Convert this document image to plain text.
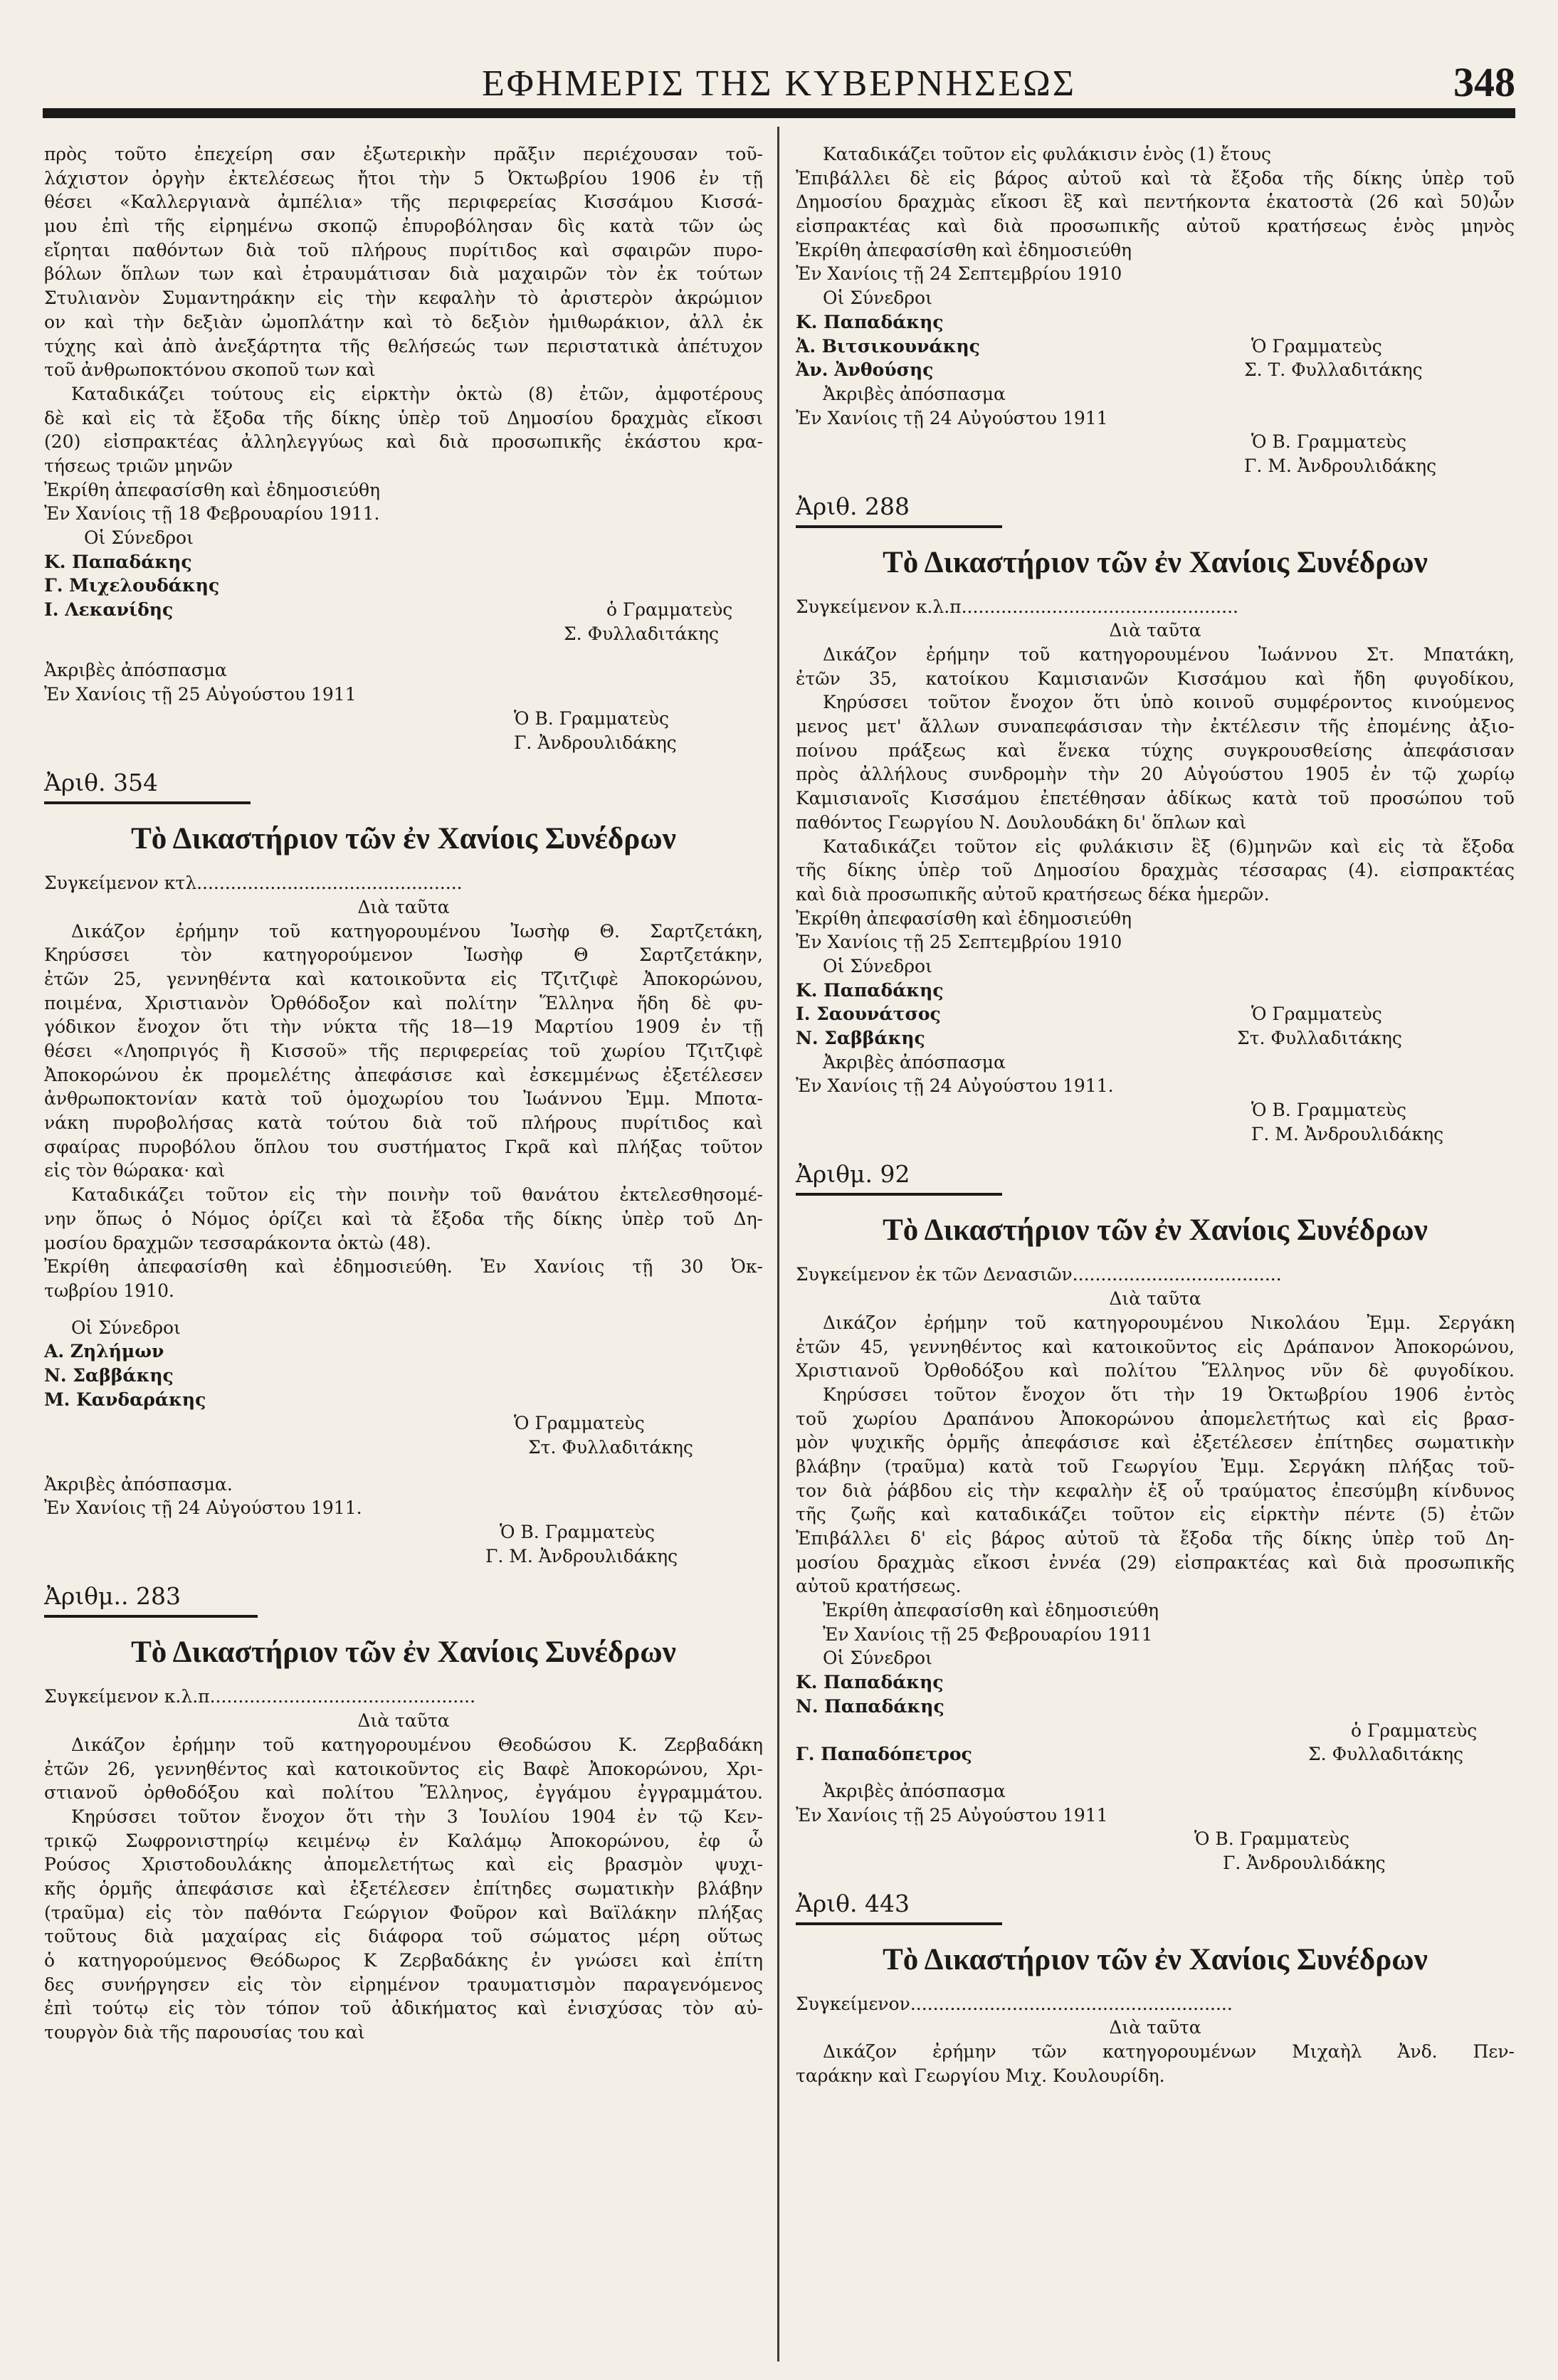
ΕΦΗΜΕΡΙΣ ΤΗΣ ΚΥΒΕΡΝΗΣΕΩΣ	348

πρὸς τοῦτο ἐπεχείρη σαν ἐξωτερικὴν πρᾶξιν περιέχουσαν τοῦ-

λάχιστον ὀργὴν ἐκτελέσεως ἤτοι τὴν 5 Ὀκτωβρίου 1906 ἐν τῇ

θέσει «Καλλεργιανὰ ἀμπέλια» τῆς περιφερείας Κισσάμου Κισσά-

μου ἐπὶ τῆς εἰρημένω σκοπῷ ἐπυροβόλησαν δὶς κατὰ τῶν ὡς

εἴρηται παθόντων διὰ τοῦ πλήρους πυρίτιδος καὶ σφαιρῶν πυρο-

βόλων ὅπλων των καὶ ἐτραυμάτισαν διὰ μαχαιρῶν τὸν ἐκ τούτων

Στυλιανὸν Συμαντηράκην εἰς τὴν κεφαλὴν τὸ ἀριστερὸν ἀκρώμιον

ον καὶ τὴν δεξιὰν ὠμοπλάτην καὶ τὸ δεξιὸν ἡμιθωράκιον, ἀλλ ἐκ

τύχης καὶ ἀπὸ ἀνεξάρτητα τῆς θελήσεώς των περιστατικὰ ἀπέτυχον

τοῦ ἀνθρωποκτόνου σκοποῦ των καὶ

Καταδικάζει τούτους εἰς εἱρκτὴν ὀκτὼ (8) ἐτῶν, ἀμφοτέρους

δὲ καὶ εἰς τὰ ἔξοδα τῆς δίκης ὑπὲρ τοῦ Δημοσίου δραχμὰς εἴκοσι

(20) εἰσπρακτέας ἀλληλεγγύως καὶ διὰ προσωπικῆς ἑκάστου κρα-

τήσεως τριῶν μηνῶν

Ἐκρίθη ἀπεφασίσθη καὶ ἐδημοσιεύθη

Ἐν Χανίοις τῇ 18 Φεβρουαρίου 1911.

Οἱ Σύνεδροι

Κ. Παπαδάκης

Γ. Μιχελουδάκης

Ι. Λεκανίδης	ὁ Γραμματεὺς
Σ. Φυλλαδιτάκης

Ἀκριβὲς ἀπόσπασμα

Ἐν Χανίοις τῇ 25 Αὐγούστου 1911

Ὁ Β. Γραμματεὺς
Γ. Ἀνδρουλιδάκης

Ἀριθ. 354

Τὸ Δικαστήριον τῶν ἐν Χανίοις Συνέδρων

Συγκείμενον κτλ...............................................

Διὰ ταῦτα

Δικάζον ἐρήμην τοῦ κατηγορουμένου Ἰωσὴφ Θ. Σαρτζετάκη,

Κηρύσσει τὸν κατηγορούμενον Ἰωσὴφ Θ Σαρτζετάκην,

ἐτῶν 25, γεννηθέντα καὶ κατοικοῦντα εἰς Τζιτζιφὲ Ἀποκορώνου,

ποιμένα, Χριστιανὸν Ὀρθόδοξον καὶ πολίτην Ἕλληνα ἤδη δὲ φυ-

γόδικον ἔνοχον ὅτι τὴν νύκτα τῆς 18—19 Μαρτίου 1909 ἐν τῇ

θέσει «Ληοπριγός ἢ Κισσοῦ» τῆς περιφερείας τοῦ χωρίου Τζιτζιφὲ

Ἀποκορώνου ἐκ προμελέτης ἀπεφάσισε καὶ ἐσκεμμένως ἐξετέλεσεν

ἀνθρωποκτονίαν κατὰ τοῦ ὁμοχωρίου του Ἰωάννου Ἐμμ. Μποτα-

νάκη πυροβολήσας κατὰ τούτου διὰ τοῦ πλήρους πυρίτιδος καὶ

σφαίρας πυροβόλου ὅπλου του συστήματος Γκρᾶ καὶ πλήξας τοῦτον

εἰς τὸν θώρακα· καὶ

Καταδικάζει τοῦτον εἰς τὴν ποινὴν τοῦ θανάτου ἐκτελεσθησομέ-

νην ὅπως ὁ Νόμος ὁρίζει καὶ τὰ ἔξοδα τῆς δίκης ὑπὲρ τοῦ Δη-

μοσίου δραχμῶν τεσσαράκοντα ὀκτὼ (48).

Ἐκρίθη ἀπεφασίσθη καὶ ἐδημοσιεύθη. Ἐν Χανίοις τῇ 30 Ὀκ-

τωβρίου 1910.

Οἱ Σύνεδροι

Α. Ζηλήμων

Ν. Σαββάκης

Μ. Κανδαράκης
Ὁ Γραμματεὺς
Στ. Φυλλαδιτάκης

Ἀκριβὲς ἀπόσπασμα.

Ἐν Χανίοις τῇ 24 Αὐγούστου 1911.

Ὁ Β. Γραμματεὺς
Γ. Μ. Ἀνδρουλιδάκης

Ἀριθμ.. 283

Τὸ Δικαστήριον τῶν ἐν Χανίοις Συνέδρων

Συγκείμενον κ.λ.π...............................................

Διὰ ταῦτα

Δικάζον ἐρήμην τοῦ κατηγορουμένου Θεοδώσου Κ. Ζερβαδάκη

ἐτῶν 26, γεννηθέντος καὶ κατοικοῦντος εἰς Βαφὲ Ἀποκορώνου, Χρι-

στιανοῦ ὀρθοδόξου καὶ πολίτου Ἕλληνος, ἐγγάμου ἐγγραμμάτου.

Κηρύσσει τοῦτον ἔνοχον ὅτι τὴν 3 Ἰουλίου 1904 ἐν τῷ Κεν-

τρικῷ Σωφρονιστηρίῳ κειμένῳ ἐν Καλάμῳ Ἀποκορώνου, ἐφ ὧ

Ρούσος Χριστοδουλάκης ἀπομελετήτως καὶ εἰς βρασμὸν ψυχι-

κῆς ὁρμῆς ἀπεφάσισε καὶ ἐξετέλεσεν ἐπίτηδες σωματικὴν βλάβην

(τραῦμα) εἰς τὸν παθόντα Γεώργιον Φοῦρον καὶ Βαϊλάκην πλήξας

τοῦτους διὰ μαχαίρας εἰς διάφορα τοῦ σώματος μέρη οὕτως

ὁ κατηγορούμενος Θεόδωρος Κ Ζερβαδάκης ἐν γνώσει καὶ ἐπίτη

δες συνήργησεν εἰς τὸν εἰρημένον τραυματισμὸν παραγενόμενος

ἐπὶ τούτῳ εἰς τὸν τόπον τοῦ ἀδικήματος καὶ ἐνισχύσας τὸν αὐ-

τουργὸν διὰ τῆς παρουσίας του καὶ

Καταδικάζει τοῦτον εἰς φυλάκισιν ἑνὸς (1) ἔτους

Ἐπιβάλλει δὲ εἰς βάρος αὐτοῦ καὶ τὰ ἔξοδα τῆς δίκης ὑπὲρ τοῦ

Δημοσίου δραχμὰς εἴκοσι ἓξ καὶ πεντήκοντα ἑκατοστὰ (26 καὶ 50)ὧν

εἰσπρακτέας καὶ διὰ προσωπικῆς αὐτοῦ κρατήσεως ἑνὸς μηνὸς

Ἐκρίθη ἀπεφασίσθη καὶ ἐδημοσιεύθη

Ἐν Χανίοις τῇ 24 Σεπτεμβρίου 1910

Οἱ Σύνεδροι

Κ. Παπαδάκης

Ἀ. Βιτσικουνάκης	Ὁ Γραμματεὺς
Ἀν. Ἀνθούσης	Σ. Τ. Φυλλαδιτάκης

Ἀκριβὲς ἀπόσπασμα

Ἐν Χανίοις τῇ 24 Αὐγούστου 1911

Ὁ Β. Γραμματεὺς
Γ. Μ. Ἀνδρουλιδάκης

Ἀριθ. 288

Τὸ Δικαστήριον τῶν ἐν Χανίοις Συνέδρων

Συγκείμενον κ.λ.π.................................................

Διὰ ταῦτα

Δικάζον ἐρήμην τοῦ κατηγορουμένου Ἰωάννου Στ. Μπατάκη,

ἐτῶν 35, κατοίκου Καμισιανῶν Κισσάμου καὶ ἤδη φυγοδίκου,

Κηρύσσει τοῦτον ἔνοχον ὅτι ὑπὸ κοινοῦ συμφέροντος κινούμενος

μενος μετ' ἄλλων συναπεφάσισαν τὴν ἐκτέλεσιν τῆς ἐπομένης ἀξιο-

ποίνου πράξεως καὶ ἕνεκα τύχης συγκρουσθείσης ἀπεφάσισαν

πρὸς ἀλλήλους συνδρομὴν τὴν 20 Αὐγούστου 1905 ἐν τῷ χωρίῳ

Καμισιανοῖς Κισσάμου ἐπετέθησαν ἀδίκως κατὰ τοῦ προσώπου τοῦ

παθόντος Γεωργίου Ν. Δουλουδάκη δι' ὅπλων καὶ

Καταδικάζει τοῦτον εἰς φυλάκισιν ἓξ (6)μηνῶν καὶ εἰς τὰ ἔξοδα

τῆς δίκης ὑπὲρ τοῦ Δημοσίου δραχμὰς τέσσαρας (4). εἰσπρακτέας

καὶ διὰ προσωπικῆς αὐτοῦ κρατήσεως δέκα ἡμερῶν.

Ἐκρίθη ἀπεφασίσθη καὶ ἐδημοσιεύθη

Ἐν Χανίοις τῇ 25 Σεπτεμβρίου 1910

Οἱ Σύνεδροι

Κ. Παπαδάκης

Ι. Σαουνάτσος	Ὁ Γραμματεὺς
Ν. Σαββάκης	Στ. Φυλλαδιτάκης

Ἀκριβὲς ἀπόσπασμα

Ἐν Χανίοις τῇ 24 Αὐγούστου 1911.

Ὁ Β. Γραμματεὺς
Γ. Μ. Ἀνδρουλιδάκης

Ἀριθμ. 92

Τὸ Δικαστήριον τῶν ἐν Χανίοις Συνέδρων

Συγκείμενον ἐκ τῶν Δενασιῶν.....................................

Διὰ ταῦτα

Δικάζον ἐρήμην τοῦ κατηγορουμένου Νικολάου Ἐμμ. Σεργάκη

ἐτῶν 45, γεννηθέντος καὶ κατοικοῦντος εἰς Δράπανον Ἀποκορώνου,

Χριστιανοῦ Ὀρθοδόξου καὶ πολίτου Ἕλληνος νῦν δὲ φυγοδίκου.

Κηρύσσει τοῦτον ἔνοχον ὅτι τὴν 19 Ὀκτωβρίου 1906 ἐντὸς

τοῦ χωρίου Δραπάνου Ἀποκορώνου ἀπομελετήτως καὶ εἰς βρασ-

μὸν ψυχικῆς ὁρμῆς ἀπεφάσισε καὶ ἐξετέλεσεν ἐπίτηδες σωματικὴν

βλάβην (τραῦμα) κατὰ τοῦ Γεωργίου Ἐμμ. Σεργάκη πλήξας τοῦ-

τον διὰ ῥάβδου εἰς τὴν κεφαλὴν ἐξ οὗ τραύματος ἐπεσύμβη κίνδυνος

τῆς ζωῆς καὶ καταδικάζει τοῦτον εἰς εἱρκτὴν πέντε (5) ἐτῶν

Ἐπιβάλλει δ' εἰς βάρος αὐτοῦ τὰ ἔξοδα τῆς δίκης ὑπὲρ τοῦ Δη-

μοσίου δραχμὰς εἴκοσι ἐννέα (29) εἰσπρακτέας καὶ διὰ προσωπικῆς

αὐτοῦ κρατήσεως.

Ἐκρίθη ἀπεφασίσθη καὶ ἐδημοσιεύθη

Ἐν Χανίοις τῇ 25 Φεβρουαρίου 1911

Οἱ Σύνεδροι

Κ. Παπαδάκης

Ν. Παπαδάκης

ὁ Γραμματεὺς
Γ. Παπαδόπετρος	Σ. Φυλλαδιτάκης

Ἀκριβὲς ἀπόσπασμα

Ἐν Χανίοις τῇ 25 Αὐγούστου 1911

Ὁ Β. Γραμματεὺς
Γ. Ἀνδρουλιδάκης

Ἀριθ. 443

Τὸ Δικαστήριον τῶν ἐν Χανίοις Συνέδρων

Συγκείμενον.........................................................

Διὰ ταῦτα

Δικάζον ἐρήμην τῶν κατηγορουμένων Μιχαὴλ Ἀνδ. Πεν-

ταράκην καὶ Γεωργίου Μιχ. Κουλουρίδη.
